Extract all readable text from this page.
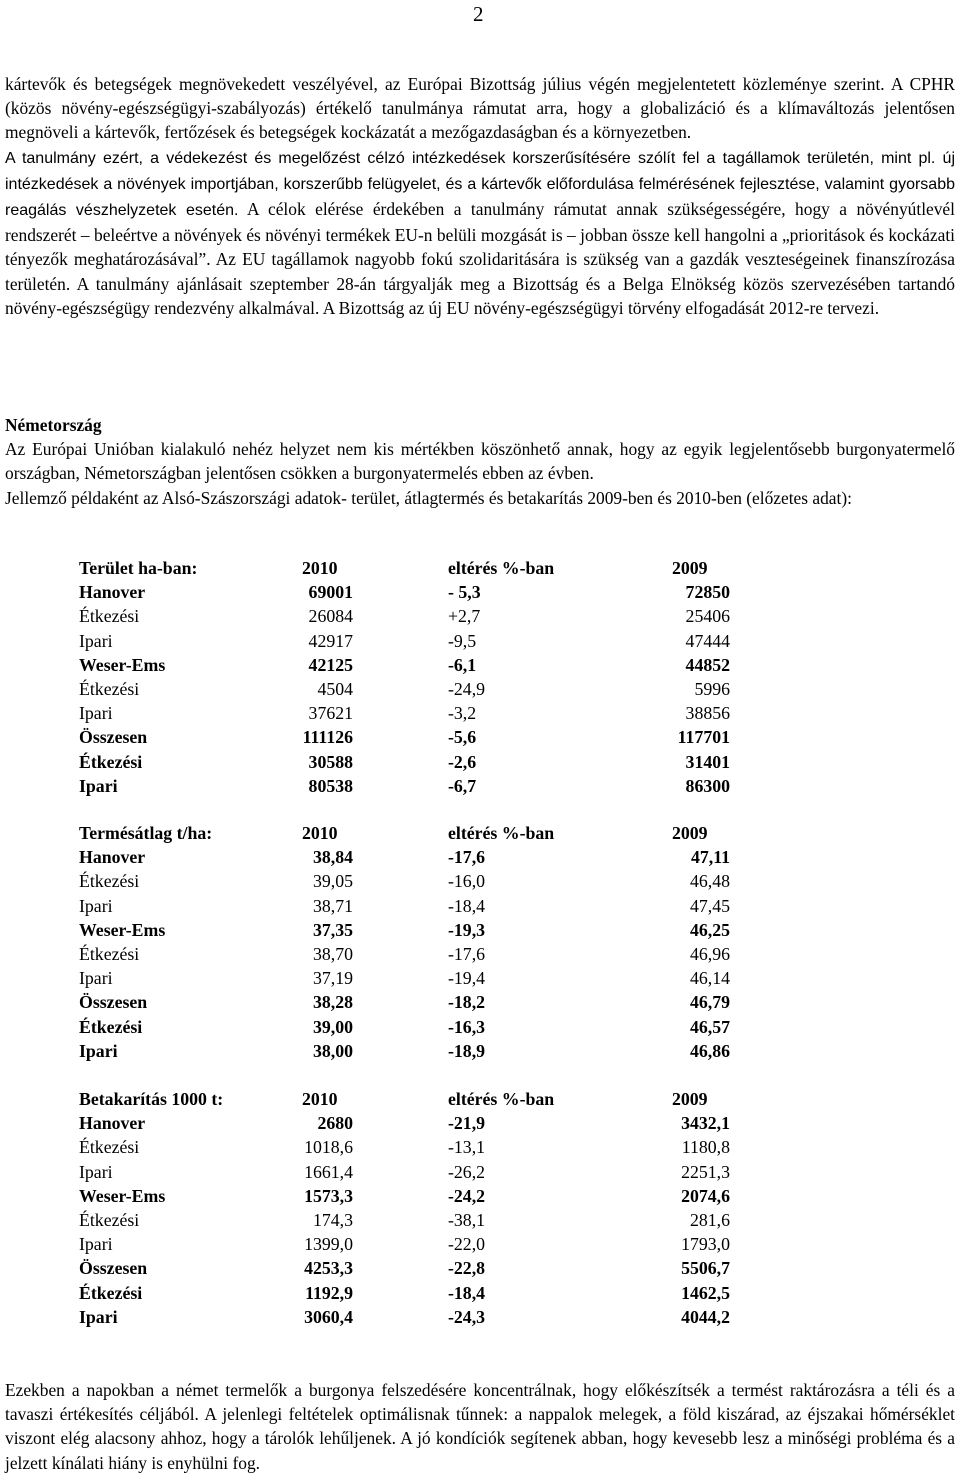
2

kártevők és betegségek megnövekedett veszélyével, az Európai Bizottság július végén megjelentetett közleménye szerint. A CPHR (közös növény-egészségügyi-szabályozás) értékelő tanulmánya rámutat arra, hogy a globalizáció és a klímaváltozás jelentősen megnöveli a kártevők, fertőzések és betegségek kockázatát a mezőgazdaságban és a környezetben.
A tanulmány ezért, a védekezést és megelőzést célzó intézkedések korszerűsítésére szólít fel a tagállamok területén, mint pl. új intézkedések a növények importjában, korszerűbb felügyelet, és a kártevők előfordulása felmérésének fejlesztése, valamint gyorsabb reagálás vészhelyzetek esetén. A célok elérése érdekében a tanulmány rámutat annak szükségességére, hogy a növényútlevél rendszerét – beleértve a növények és növényi termékek EU-n belüli mozgását is – jobban össze kell hangolni a „prioritások és kockázati tényezők meghatározásával”. Az EU tagállamok nagyobb fokú szolidaritására is szükség van a gazdák veszteségeinek finanszírozása területén. A tanulmány ajánlásait szeptember 28-án tárgyalják meg a Bizottság és a Belga Elnökség közös szervezésében tartandó növény-egészségügy rendezvény alkalmával. A Bizottság az új EU növény-egészségügyi törvény elfogadását 2012-re tervezi.

Németország

Az Európai Unióban kialakuló nehéz helyzet nem kis mértékben köszönhető annak, hogy az egyik legjelentősebb burgonyatermelő országban, Németországban jelentősen csökken a burgonyatermelés ebben az évben.

Jellemző példaként az Alsó-Szászországi adatok- terület, átlagtermés és betakarítás 2009-ben és 2010-ben (előzetes adat):

Terület ha-ban:	2010	eltérés %-ban	2009
Hanover	69001	- 5,3	72850
Étkezési	26084	+2,7	25406
Ipari	42917	-9,5	47444
Weser-Ems	42125	-6,1	44852
Étkezési	4504	-24,9	5996
Ipari	37621	-3,2	38856
Összesen	111126	-5,6	117701
Étkezési	30588	-2,6	31401
Ipari	80538	-6,7	86300
Termésátlag t/ha:	2010	eltérés %-ban	2009
Hanover	38,84	-17,6	47,11
Étkezési	39,05	-16,0	46,48
Ipari	38,71	-18,4	47,45
Weser-Ems	37,35	-19,3	46,25
Étkezési	38,70	-17,6	46,96
Ipari	37,19	-19,4	46,14
Összesen	38,28	-18,2	46,79
Étkezési	39,00	-16,3	46,57
Ipari	38,00	-18,9	46,86
Betakarítás 1000 t:	2010	eltérés %-ban	2009
Hanover	2680	-21,9	3432,1
Étkezési	1018,6	-13,1	1180,8
Ipari	1661,4	-26,2	2251,3
Weser-Ems	1573,3	-24,2	2074,6
Étkezési	174,3	-38,1	281,6
Ipari	1399,0	-22,0	1793,0
Összesen	4253,3	-22,8	5506,7
Étkezési	1192,9	-18,4	1462,5
Ipari	3060,4	-24,3	4044,2

Ezekben a napokban a német termelők a burgonya felszedésére koncentrálnak, hogy előkészítsék a termést raktározásra a téli és a tavaszi értékesítés céljából. A jelenlegi feltételek optimálisnak tűnnek: a nappalok melegek, a föld kiszárad, az éjszakai hőmérséklet viszont elég alacsony ahhoz, hogy a tárolók lehűljenek. A jó kondíciók segítenek abban, hogy kevesebb lesz a minőségi probléma és a jelzett kínálati hiány is enyhülni fog.
